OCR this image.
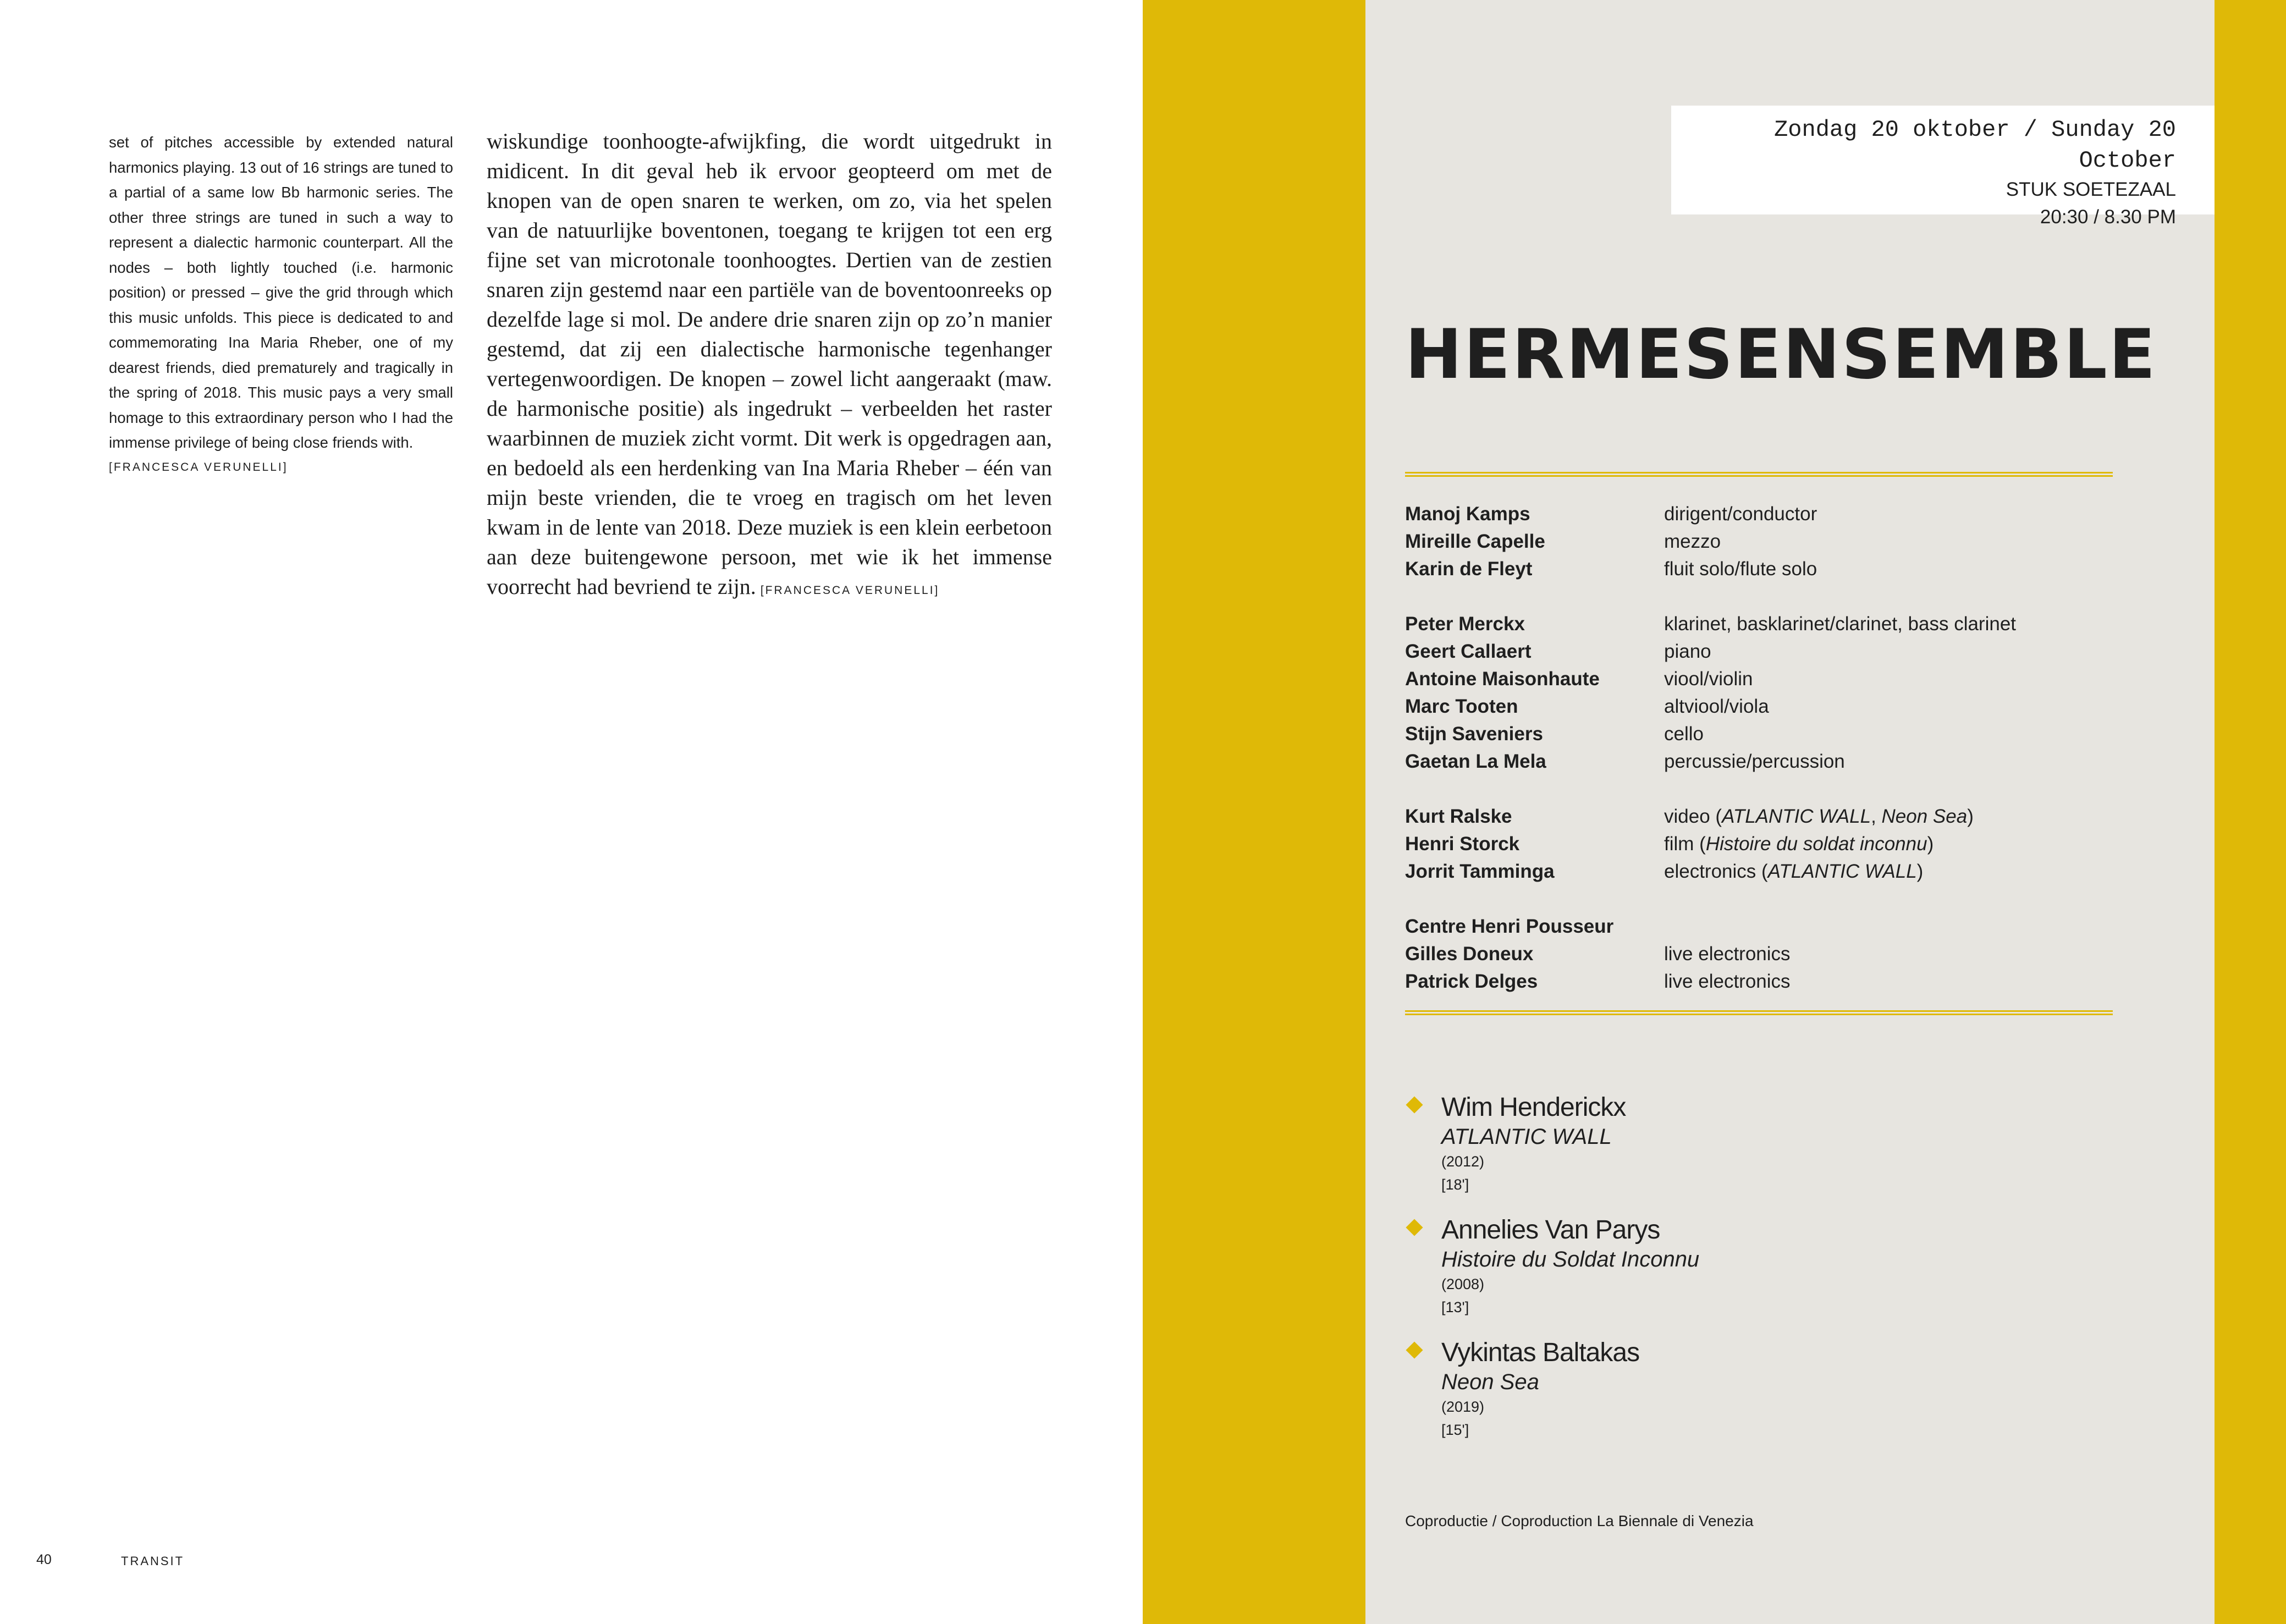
set of pitches accessible by extended natural harmonics playing. 13 out of 16 strings are tuned to a partial of a same low Bb harmonic series. The other three strings are tuned in such a way to represent a dialectic harmonic counterpart. All the nodes – both lightly touched (i.e. harmonic position) or pressed – give the grid through which this music unfolds. This piece is dedicated to and commemorating Ina Maria Rheber, one of my dearest friends, died prematurely and tragically in the spring of 2018. This music pays a very small homage to this extraordinary person who I had the immense privilege of being close friends with.
[FRANCESCA VERUNELLI]
wiskundige toonhoogte-afwijkfing, die wordt uitgedrukt in midicent. In dit geval heb ik ervoor geopteerd om met de knopen van de open snaren te werken, om zo, via het spelen van de natuurlijke boventonen, toegang te krijgen tot een erg fijne set van microtonale toonhoogtes. Dertien van de zestien snaren zijn gestemd naar een partiële van de boventoonreeks op dezelfde lage si mol. De andere drie snaren zijn op zo’n manier gestemd, dat zij een dialectische harmonische tegenhanger vertegenwoordigen. De knopen – zowel licht aangeraakt (maw. de harmonische positie) als ingedrukt – verbeelden het raster waarbinnen de muziek zicht vormt. Dit werk is opgedragen aan, en bedoeld als een herdenking van Ina Maria Rheber – één van mijn beste vrienden, die te vroeg en tragisch om het leven kwam in de lente van 2018. Deze muziek is een klein eerbetoon aan deze buitengewone persoon, met wie ik het immense voorrecht had bevriend te zijn. [FRANCESCA VERUNELLI]
40	TRANSIT
Zondag 20 oktober / Sunday 20 October
STUK SOETEZAAL
20:30 / 8.30 PM
HERMESENSEMBLE
Manoj Kamps	dirigent/conductor
Mireille Capelle	mezzo
Karin de Fleyt	fluit solo/flute solo
Peter Merckx	klarinet, basklarinet/clarinet, bass clarinet
Geert Callaert	piano
Antoine Maisonhaute	viool/violin
Marc Tooten	altviool/viola
Stijn Saveniers	cello
Gaetan La Mela	percussie/percussion
Kurt Ralske	video (ATLANTIC WALL, Neon Sea)
Henri Storck	film (Histoire du soldat inconnu)
Jorrit Tamminga	electronics (ATLANTIC WALL)
Centre Henri Pousseur
Gilles Doneux	live electronics
Patrick Delges	live electronics
Wim Henderickx
ATLANTIC WALL
(2012)
[18']
Annelies Van Parys
Histoire du Soldat Inconnu
(2008)
[13']
Vykintas Baltakas
Neon Sea
(2019)
[15']
Coproductie / Coproduction La Biennale di Venezia
